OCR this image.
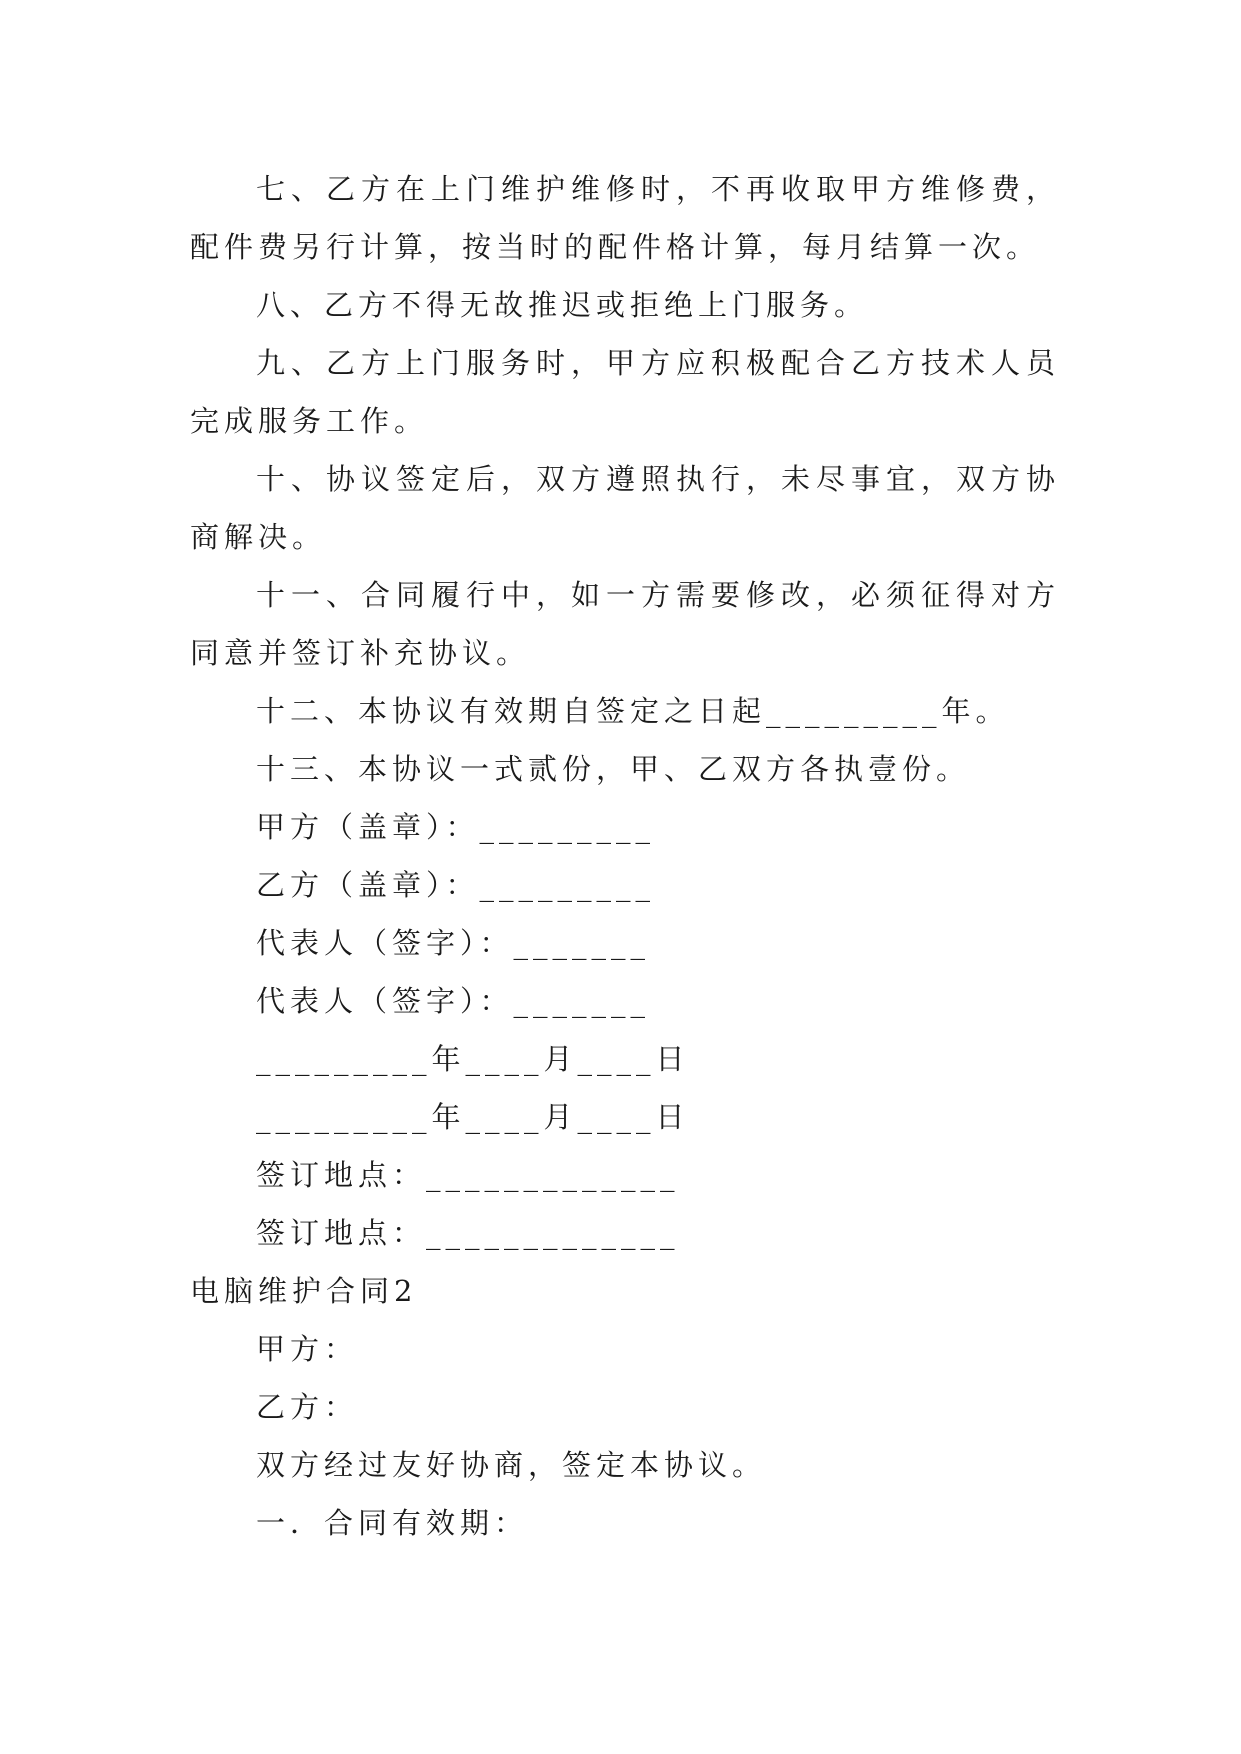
七、乙方在上门维护维修时，不再收取甲方维修费，配件费另行计算，按当时的配件格计算，每月结算一次。

八、乙方不得无故推迟或拒绝上门服务。

九、乙方上门服务时，甲方应积极配合乙方技术人员完成服务工作。

十、协议签定后，双方遵照执行，未尽事宜，双方协商解决。

十一、合同履行中，如一方需要修改，必须征得对方同意并签订补充协议。

十二、本协议有效期自签定之日起_________年。

十三、本协议一式贰份，甲、乙双方各执壹份。

甲方（盖章）：_________

乙方（盖章）：_________

代表人（签字）：_______

代表人（签字）：_______

_________年____月____日

_________年____月____日

签订地点：_____________

签订地点：_____________

电脑维护合同2

甲方：

乙方：

双方经过友好协商，签定本协议。

一．合同有效期：
